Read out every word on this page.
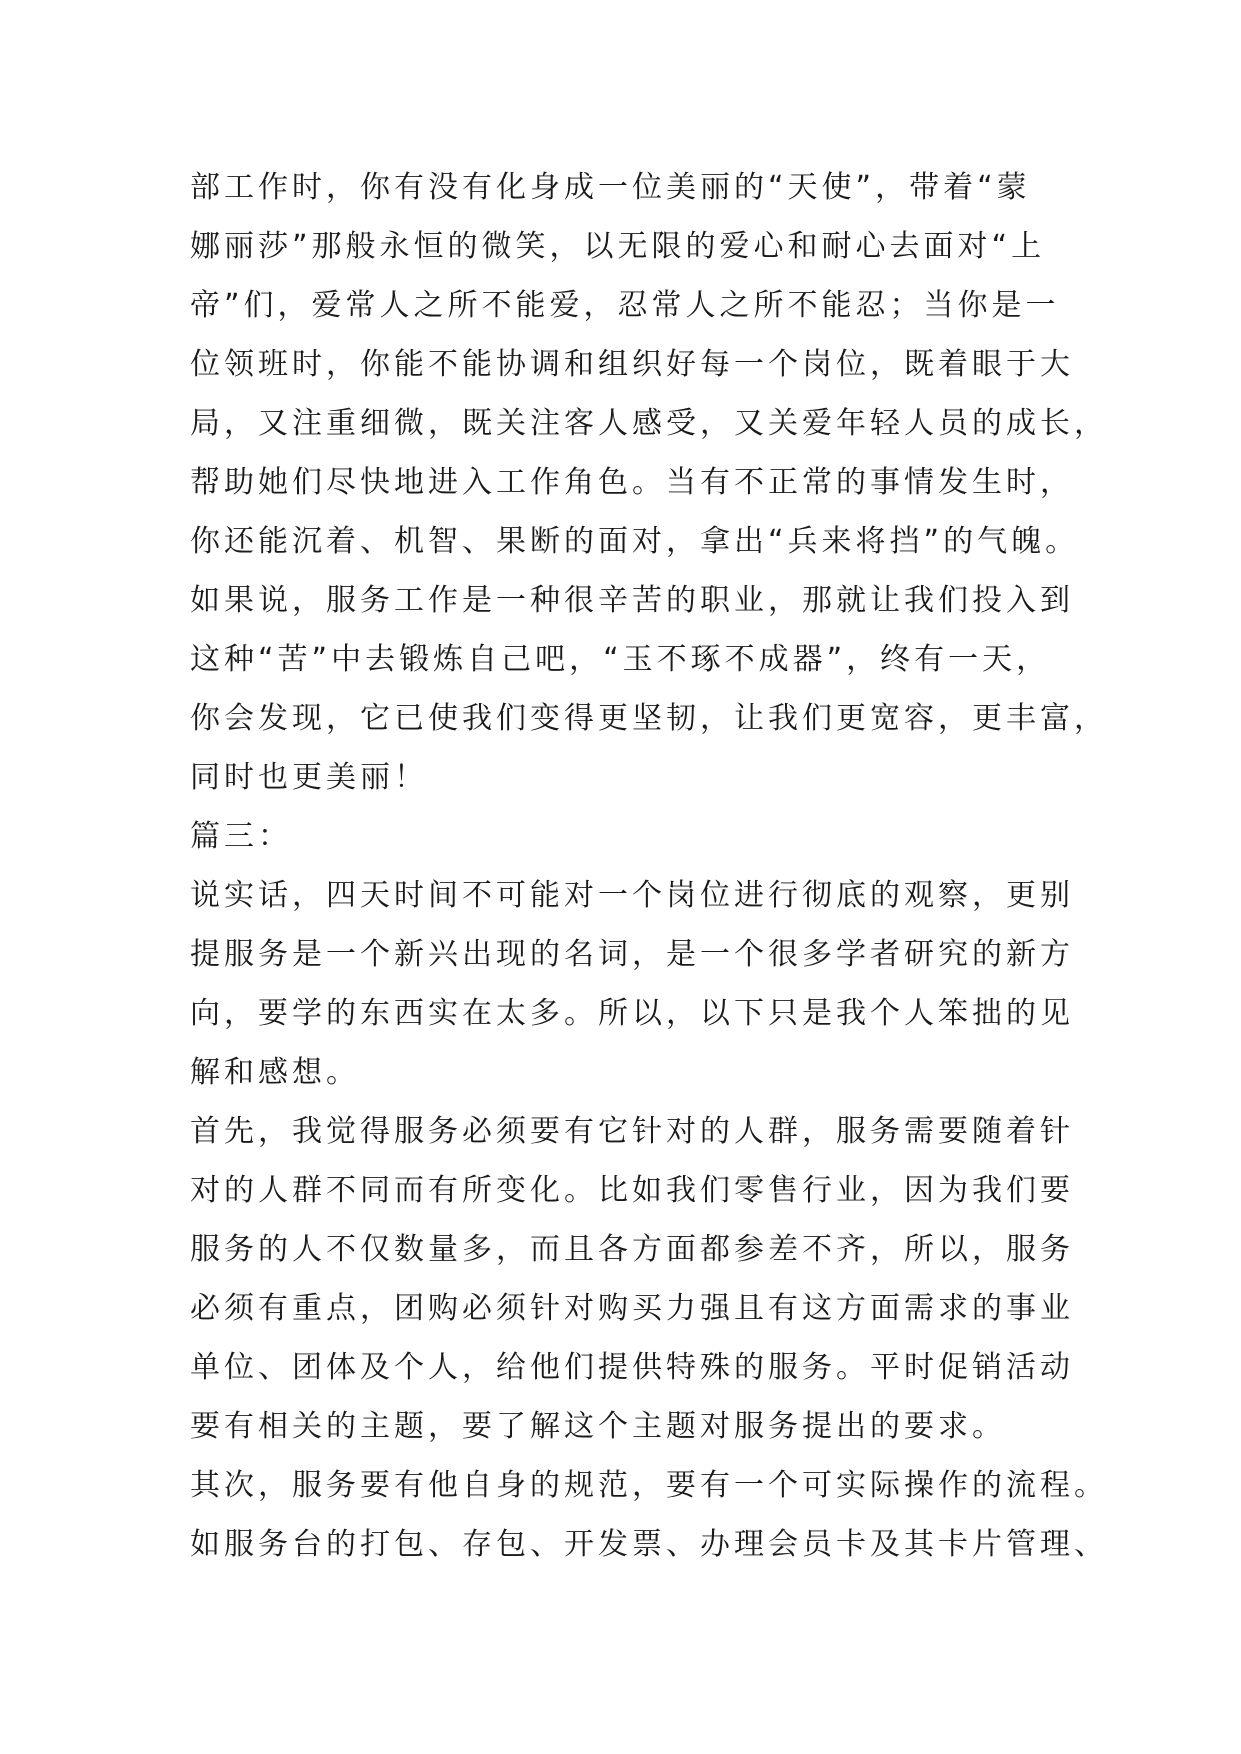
部工作时，你有没有化身成一位美丽的“天使”，带着“蒙
娜丽莎”那般永恒的微笑，以无限的爱心和耐心去面对“上
帝”们，爱常人之所不能爱，忍常人之所不能忍；当你是一
位领班时，你能不能协调和组织好每一个岗位，既着眼于大
局，又注重细微，既关注客人感受，又关爱年轻人员的成长，
帮助她们尽快地进入工作角色。当有不正常的事情发生时，
你还能沉着、机智、果断的面对，拿出“兵来将挡”的气魄。
如果说，服务工作是一种很辛苦的职业，那就让我们投入到
这种“苦”中去锻炼自己吧，“玉不琢不成器”，终有一天，
你会发现，它已使我们变得更坚韧，让我们更宽容，更丰富，
同时也更美丽！
篇三：
说实话，四天时间不可能对一个岗位进行彻底的观察，更别
提服务是一个新兴出现的名词，是一个很多学者研究的新方
向，要学的东西实在太多。所以，以下只是我个人笨拙的见
解和感想。
首先，我觉得服务必须要有它针对的人群，服务需要随着针
对的人群不同而有所变化。比如我们零售行业，因为我们要
服务的人不仅数量多，而且各方面都参差不齐，所以，服务
必须有重点，团购必须针对购买力强且有这方面需求的事业
单位、团体及个人，给他们提供特殊的服务。平时促销活动
要有相关的主题，要了解这个主题对服务提出的要求。
其次，服务要有他自身的规范，要有一个可实际操作的流程。
如服务台的打包、存包、开发票、办理会员卡及其卡片管理、
